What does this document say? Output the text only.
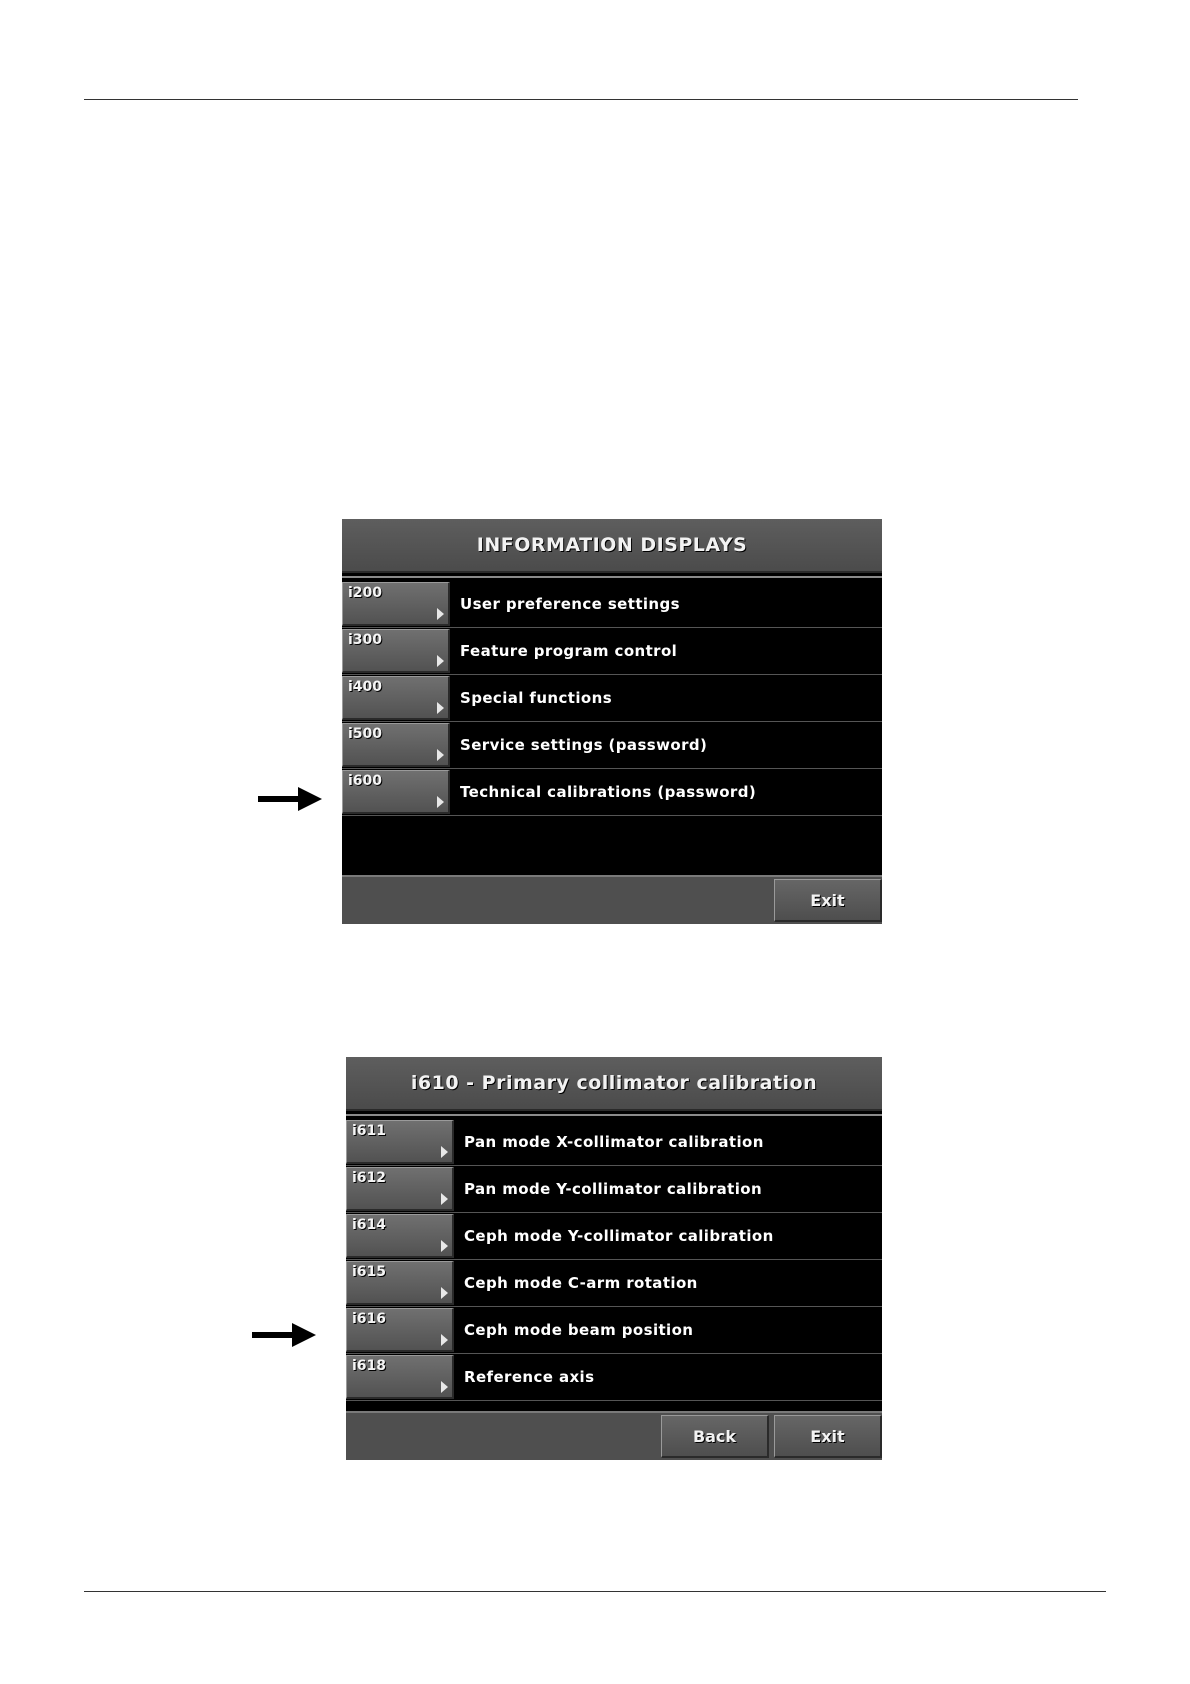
INFORMATION DISPLAYS
i200
User preference settings
i300
Feature program control
i400
Special functions
i500
Service settings (password)
i600
Technical calibrations (password)
Exit
i610 - Primary collimator calibration
i611
Pan mode X-collimator calibration
i612
Pan mode Y-collimator calibration
i614
Ceph mode Y-collimator calibration
i615
Ceph mode C-arm rotation
i616
Ceph mode beam position
i618
Reference axis
Back	Exit
